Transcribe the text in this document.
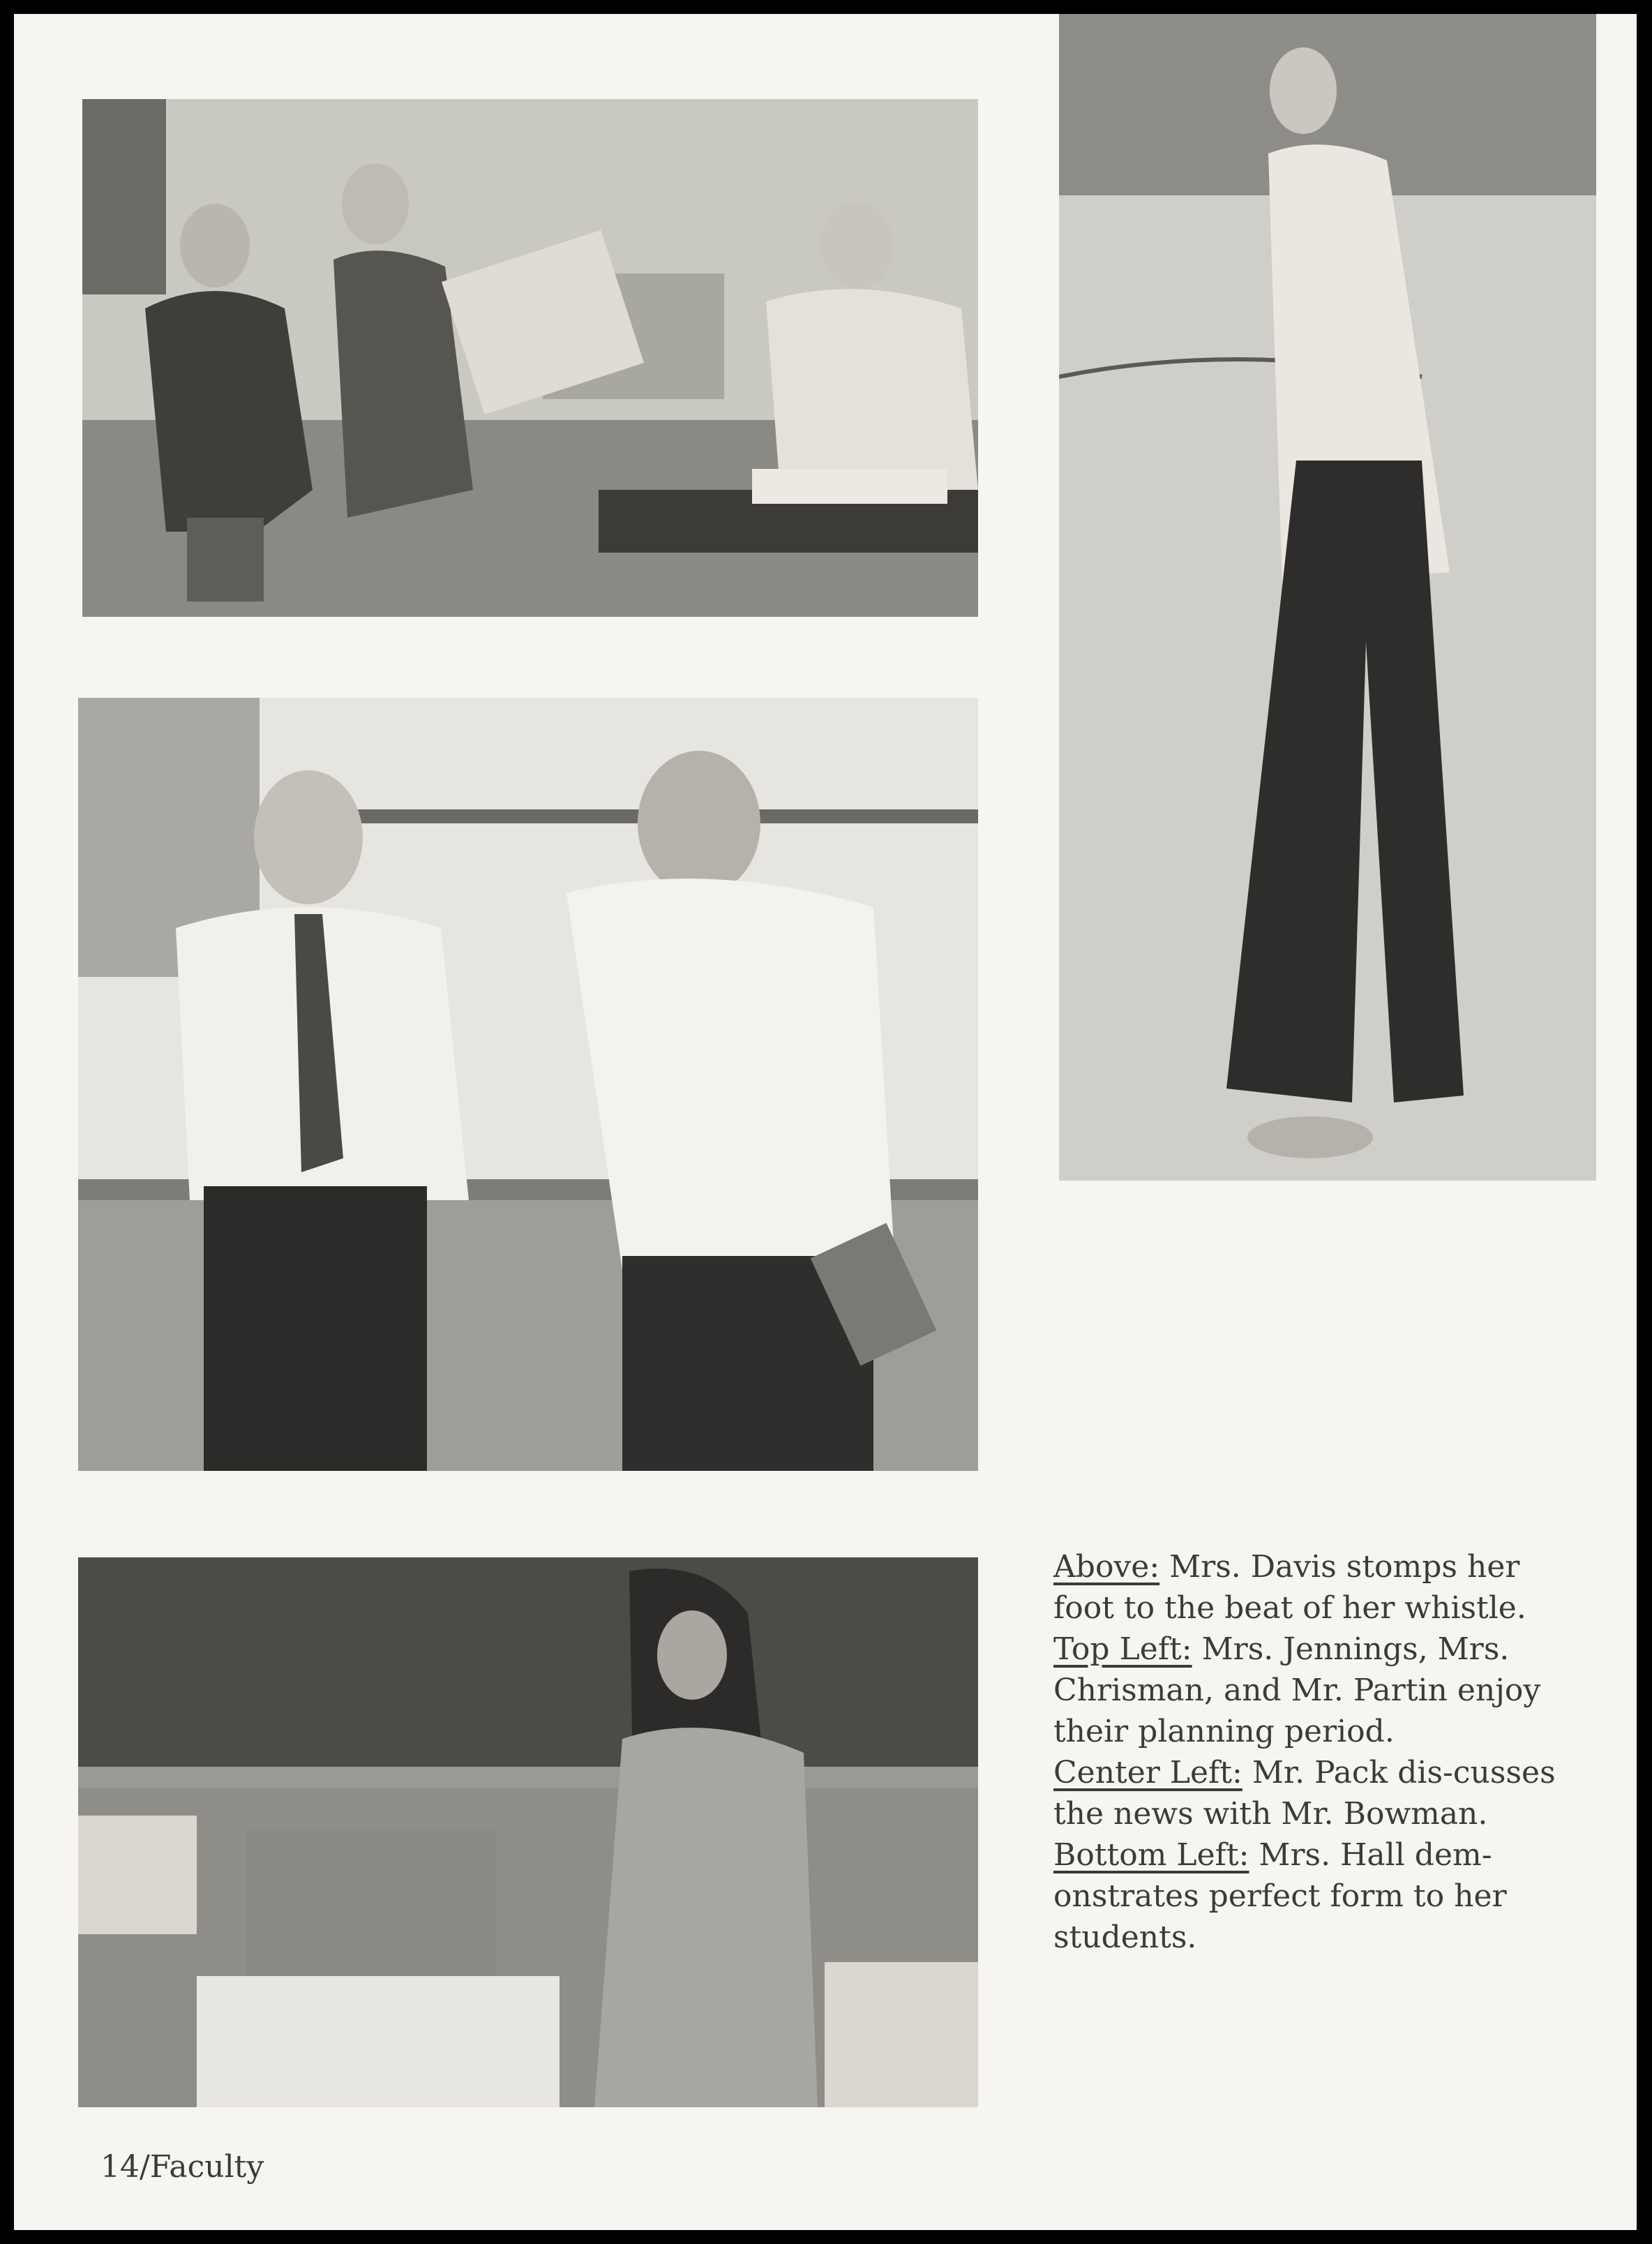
Above: Mrs. Davis stomps her foot to the beat of her whistle.

Top Left: Mrs. Jennings, Mrs. Chrisman, and Mr. Partin enjoy their planning period.

Center Left: Mr. Pack dis-cusses the news with Mr. Bowman.

Bottom Left: Mrs. Hall dem-onstrates perfect form to her students.

14/Faculty
